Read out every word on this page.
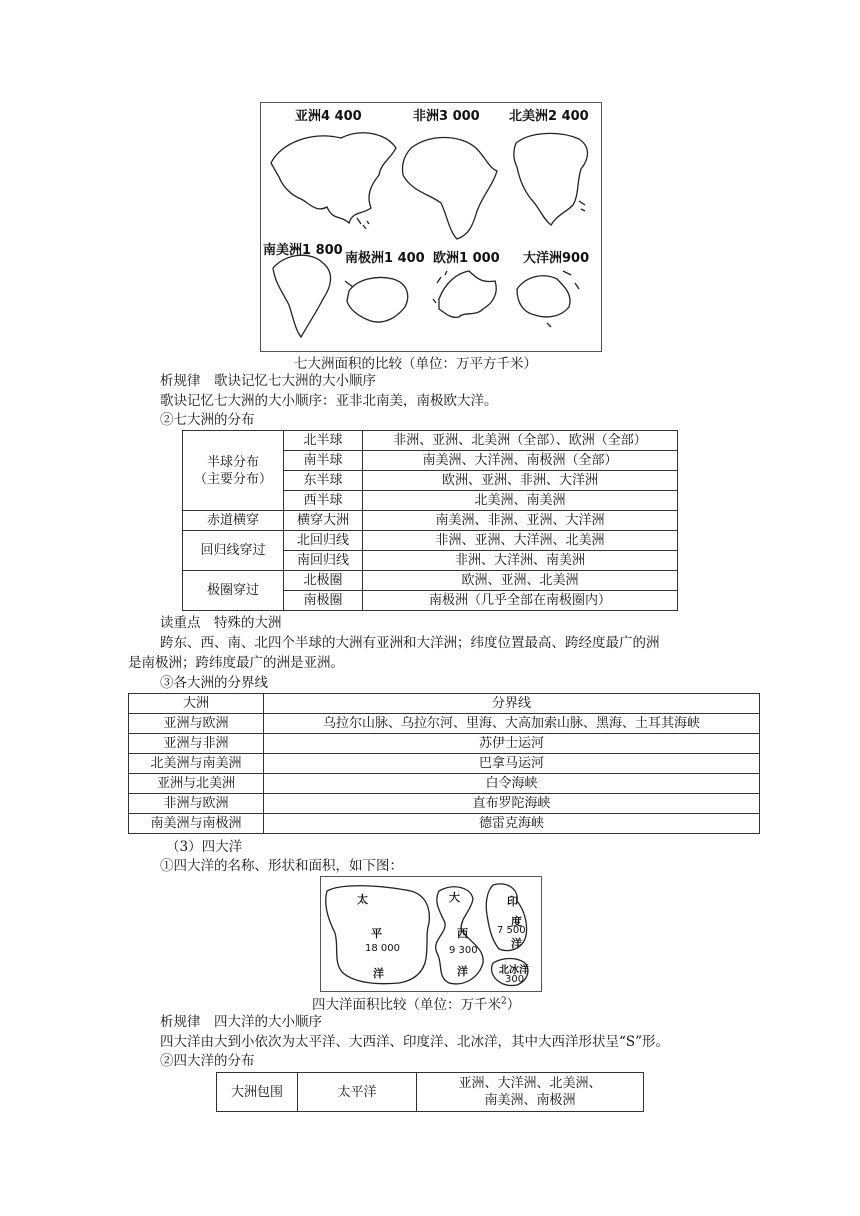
亚洲4 400	非洲3 000 北美洲2 400
南美洲1 800
南极洲1 400 欧洲1 000 大洋洲900
七大洲面积的比较（单位：万平方千米）
析规律　歌诀记忆七大洲的大小顺序
歌诀记忆七大洲的大小顺序：亚非北南美，南极欧大洋。
②七大洲的分布
半球分布
（主要分布）	北半球	非洲、亚洲、北美洲（全部）、欧洲（全部）
	南半球	南美洲、大洋洲、南极洲（全部）
	东半球	欧洲、亚洲、非洲、大洋洲
	西半球	北美洲、南美洲
赤道横穿	横穿大洲	南美洲、非洲、亚洲、大洋洲
回归线穿过	北回归线	非洲、亚洲、大洋洲、北美洲
	南回归线	非洲、大洋洲、南美洲
极圈穿过	北极圈	欧洲、亚洲、北美洲
	南极圈	南极洲（几乎全部在南极圈内）
读重点　特殊的大洲
跨东、西、南、北四个半球的大洲有亚洲和大洋洲；纬度位置最高、跨经度最广的洲
是南极洲；跨纬度最广的洲是亚洲。
③各大洲的分界线
大洲	分界线
亚洲与欧洲	乌拉尔山脉、乌拉尔河、里海、大高加索山脉、黑海、土耳其海峡
亚洲与非洲	苏伊士运河
北美洲与南美洲	巴拿马运河
亚洲与北美洲	白令海峡
非洲与欧洲	直布罗陀海峡
南美洲与南极洲	德雷克海峡
（3）四大洋
①四大洋的名称、形状和面积，如下图：
太
平
18 000
洋
大
西
9 300
洋
印
度
7 500
洋
北冰洋
300
四大洋面积比较（单位：万千米$^2$）
析规律　四大洋的大小顺序
四大洋由大到小依次为太平洋、大西洋、印度洋、北冰洋，其中大西洋形状呈“S”形。
②四大洋的分布
大洲包围	太平洋	
亚洲、大洋洲、北美洲、
南美洲、南极洲
